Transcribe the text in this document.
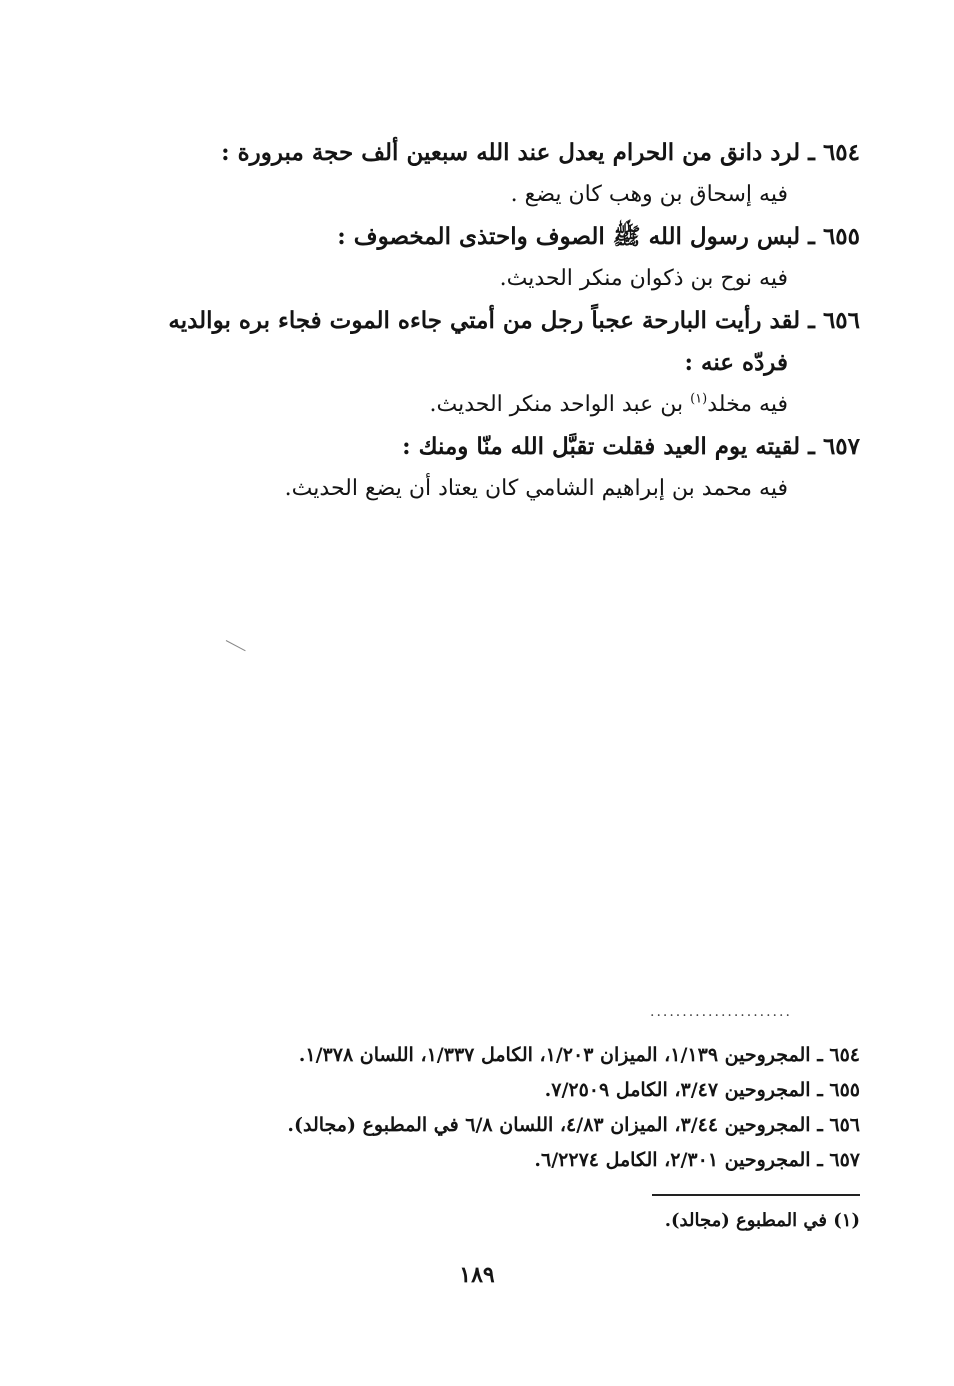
٦٥٤ ـ لرد دانق من الحرام يعدل عند الله سبعين ألف حجة مبرورة :

فيه إسحاق بن وهب كان يضع .

٦٥٥ ـ لبس رسول الله ﷺ الصوف واحتذى المخصوف :

فيه نوح بن ذكوان منكر الحديث.

٦٥٦ ـ لقد رأيت البارحة عجباً رجل من أمتي جاءه الموت فجاء بره بوالديه

فردّه عنه :

فيه مخلد$^{(١)}$ بن عبد الواحد منكر الحديث.

٦٥٧ ـ لقيته يوم العيد فقلت تقبَّل الله منّا ومنك :

فيه محمد بن إبراهيم الشامي كان يعتاد أن يضع الحديث.

......................
٦٥٤ ـ المجروحين ١/١٣٩، الميزان ١/٢٠٣، الكامل ١/٣٣٧، اللسان ١/٣٧٨.
٦٥٥ ـ المجروحين ٣/٤٧، الكامل ٧/٢٥٠٩.
٦٥٦ ـ المجروحين ٣/٤٤، الميزان ٤/٨٣، اللسان ٦/٨ في المطبوع (مجالد).
٦٥٧ ـ المجروحين ٢/٣٠١، الكامل ٦/٢٢٧٤.
(١) في المطبوع (مجالد).
١٨٩
